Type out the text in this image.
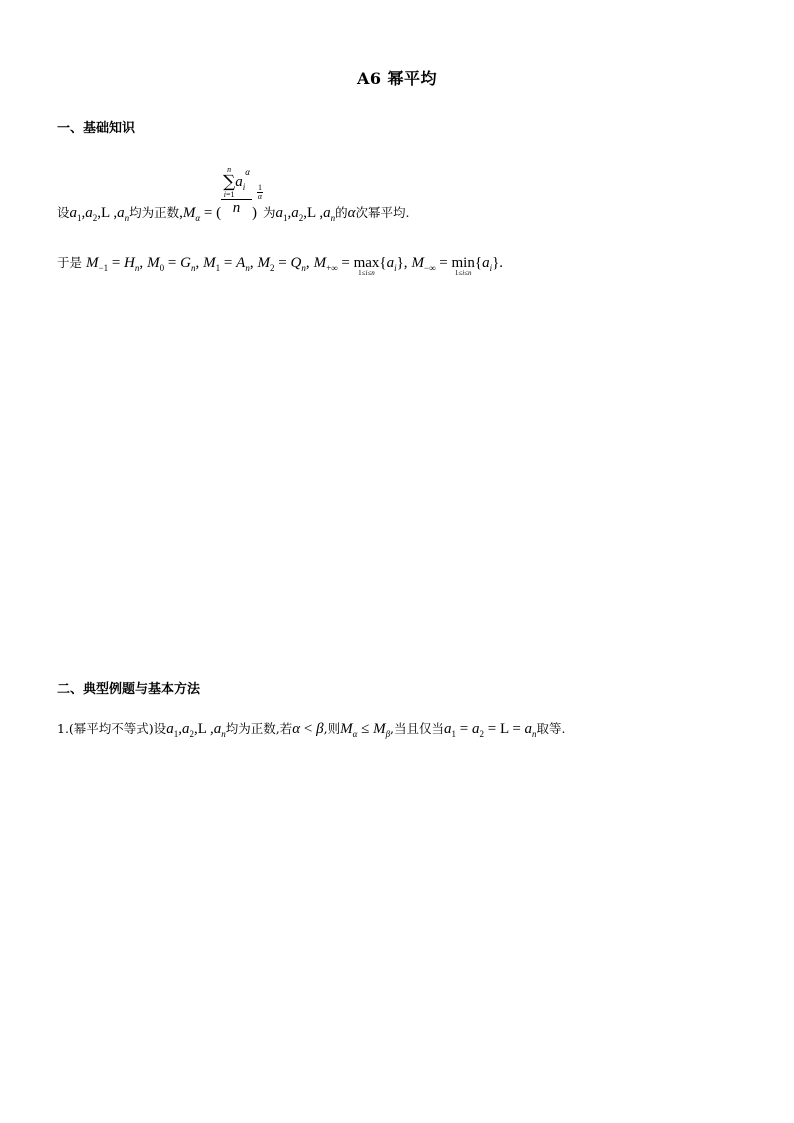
A6 幂平均
一、基础知识
设$a_1,a_2,L$ $,a_n$均为正数$,M_\alpha$ = ( n
∑
i=1
$a_i^\alpha$
n )
$\frac{1}{\alpha}$
为$a_1,a_2,L$ $,a_n$的α次幂平均.
于是 $M_{-1} = H_n$, $M_0 = G_n$, $M_1 = A_n$, $M_2 = Q_n$, $M_{+\infty} = \max$
1≤i≤n
$\{a_i\}$, $M_{-\infty} = \min$
1≤i≤n
$\{a_i\}$.
二、典型例题与基本方法
1.(幂平均不等式)设$a_1,a_2,L$ $,a_n$均为正数,若α < β,则$M_\alpha \le M_\beta$,当且仅当$a_1 = a_2 = L = a_n$取等.
